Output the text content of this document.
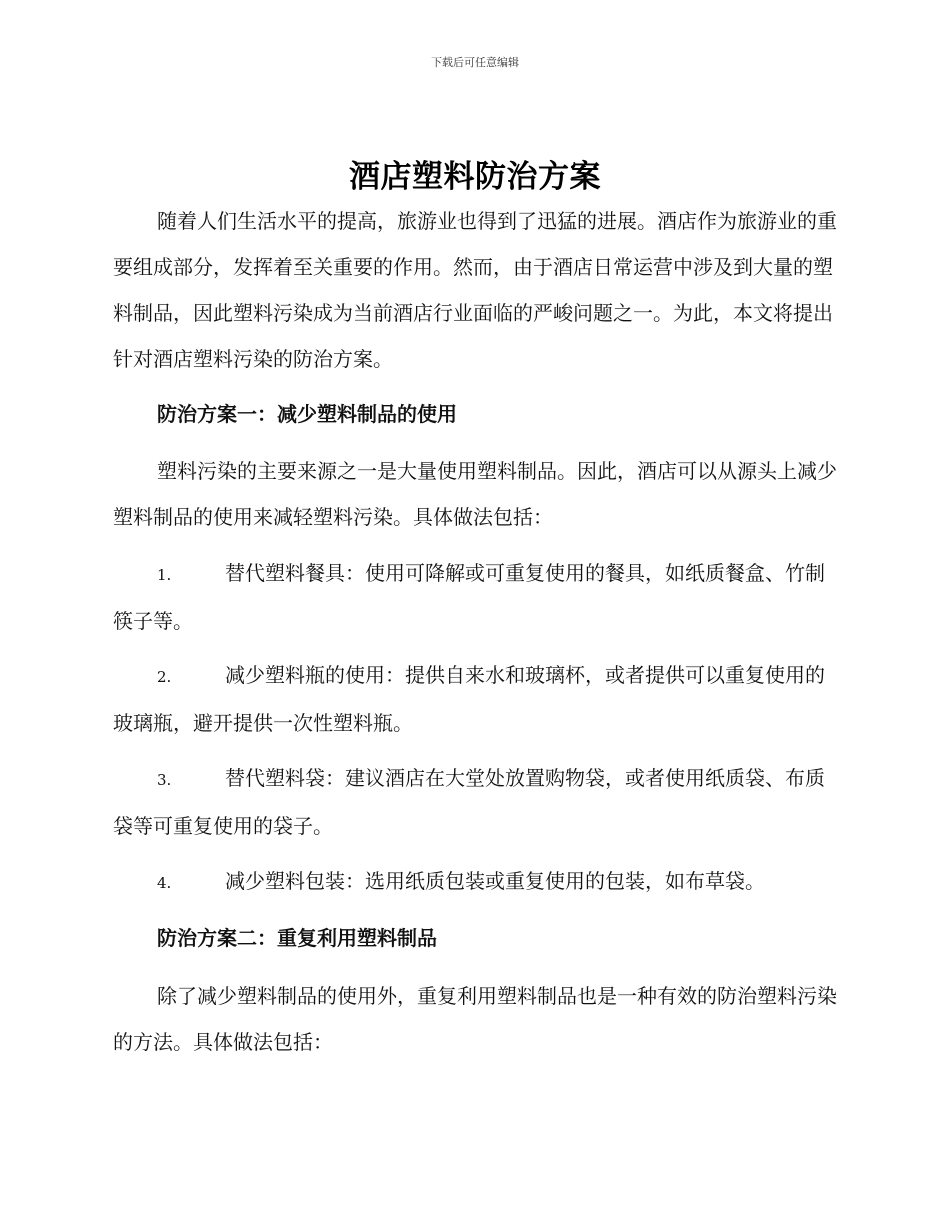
下载后可任意编辑
酒店塑料防治方案

随着人们生活水平的提高，旅游业也得到了迅猛的进展。酒店作为旅游业的重要组成部分，发挥着至关重要的作用。然而，由于酒店日常运营中涉及到大量的塑料制品，因此塑料污染成为当前酒店行业面临的严峻问题之一。为此，本文将提出针对酒店塑料污染的防治方案。

防治方案一：减少塑料制品的使用

塑料污染的主要来源之一是大量使用塑料制品。因此，酒店可以从源头上减少塑料制品的使用来减轻塑料污染。具体做法包括：

1.	替代塑料餐具：使用可降解或可重复使用的餐具，如纸质餐盒、竹制筷子等。

2.	减少塑料瓶的使用：提供自来水和玻璃杯，或者提供可以重复使用的玻璃瓶，避开提供一次性塑料瓶。

3.	替代塑料袋：建议酒店在大堂处放置购物袋，或者使用纸质袋、布质袋等可重复使用的袋子。

4.	减少塑料包装：选用纸质包装或重复使用的包装，如布草袋。

防治方案二：重复利用塑料制品

除了减少塑料制品的使用外，重复利用塑料制品也是一种有效的防治塑料污染的方法。具体做法包括：
